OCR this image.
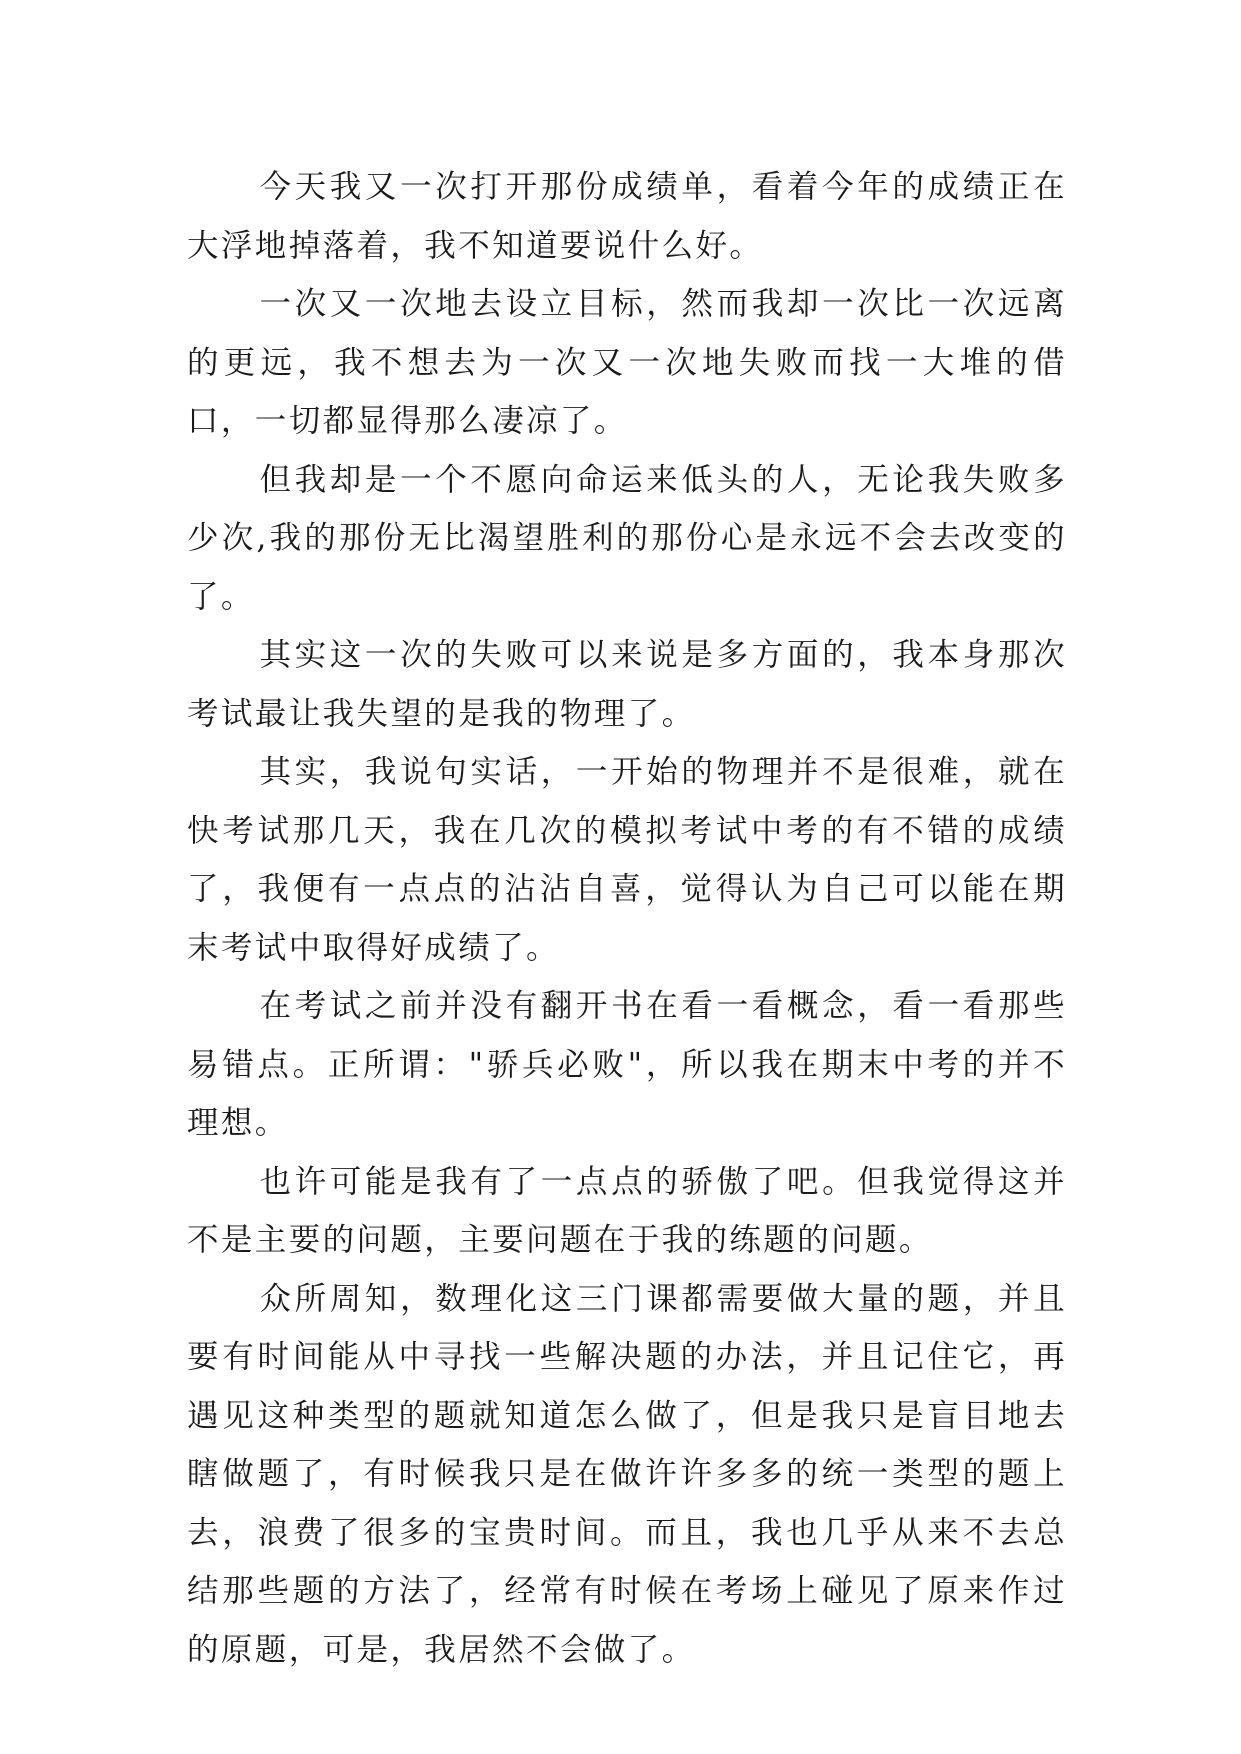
今天我又一次打开那份成绩单，看着今年的成绩正在大浮地掉落着，我不知道要说什么好。

一次又一次地去设立目标，然而我却一次比一次远离的更远，我不想去为一次又一次地失败而找一大堆的借口，一切都显得那么凄凉了。

但我却是一个不愿向命运来低头的人，无论我失败多少次,我的那份无比渴望胜利的那份心是永远不会去改变的了。

其实这一次的失败可以来说是多方面的，我本身那次考试最让我失望的是我的物理了。

其实，我说句实话，一开始的物理并不是很难，就在快考试那几天，我在几次的模拟考试中考的有不错的成绩了，我便有一点点的沾沾自喜，觉得认为自己可以能在期末考试中取得好成绩了。

在考试之前并没有翻开书在看一看概念，看一看那些易错点。正所谓："骄兵必败"，所以我在期末中考的并不理想。

也许可能是我有了一点点的骄傲了吧。但我觉得这并不是主要的问题，主要问题在于我的练题的问题。

众所周知，数理化这三门课都需要做大量的题，并且要有时间能从中寻找一些解决题的办法，并且记住它，再遇见这种类型的题就知道怎么做了，但是我只是盲目地去瞎做题了，有时候我只是在做许许多多的统一类型的题上去，浪费了很多的宝贵时间。而且，我也几乎从来不去总结那些题的方法了，经常有时候在考场上碰见了原来作过的原题，可是，我居然不会做了。
